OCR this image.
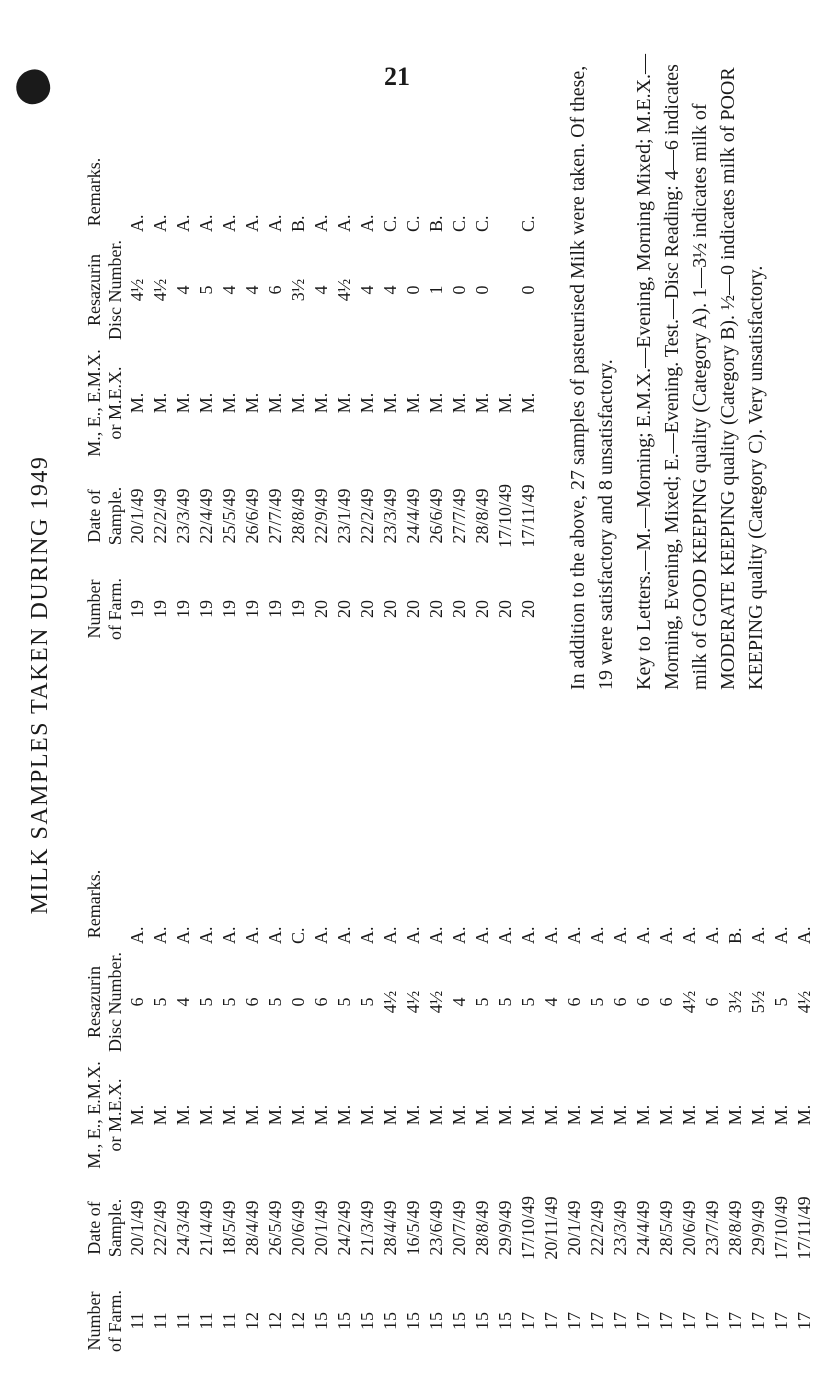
21
MILK SAMPLES TAKEN DURING 1949
Number of Farm.	Date of Sample.	M., E., E.M.X. or M.E.X.	Resazurin Disc Number.	Remarks.
11	20/1/49	M.	6	A.
11	22/2/49	M.	5	A.
11	24/3/49	M.	4	A.
11	21/4/49	M.	5	A.
11	18/5/49	M.	5	A.
12	28/4/49	M.	6	A.
12	26/5/49	M.	5	A.
12	20/6/49	M.	0	C.
15	20/1/49	M.	6	A.
15	24/2/49	M.	5	A.
15	21/3/49	M.	5	A.
15	28/4/49	M.	4½	A.
15	16/5/49	M.	4½	A.
15	23/6/49	M.	4½	A.
15	20/7/49	M.	4	A.
15	28/8/49	M.	5	A.
15	29/9/49	M.	5	A.
17	17/10/49	M.	5	A.
17	20/11/49	M.	4	A.
17	20/1/49	M.	6	A.
17	22/2/49	M.	5	A.
17	23/3/49	M.	6	A.
17	24/4/49	M.	6	A.
17	28/5/49	M.	6	A.
17	20/6/49	M.	4½	A.
17	23/7/49	M.	6	A.
17	28/8/49	M.	3½	B.
17	29/9/49	M.	5½	A.
17	17/10/49	M.	5	A.
17	17/11/49	M.	4½	A.
Number of Farm.	Date of Sample.	M., E., E.M.X. or M.E.X.	Resazurin Disc Number.	Remarks.
19	20/1/49	M.	4½	A.
19	22/2/49	M.	4½	A.
19	23/3/49	M.	4	A.
19	22/4/49	M.	5	A.
19	25/5/49	M.	4	A.
19	26/6/49	M.	4	A.
19	27/7/49	M.	6	A.
19	28/8/49	M.	3½	B.
20	22/9/49	M.	4	A.
20	23/1/49	M.	4½	A.
20	22/2/49	M.	4	A.
20	23/3/49	M.	4	C.
20	24/4/49	M.	0	C.
20	26/6/49	M.	1	B.
20	27/7/49	M.	0	C.
20	28/8/49	M.	0	C.
20	17/10/49	M.		
20	17/11/49	M.	0	C. In addition to the above, 27 samples of pasteurised Milk were taken. Of these, 19 were satisfactory and 8 unsatisfactory. Key to Letters.—M.—Morning; E.M.X.—Evening, Morning Mixed; M.E.X.—Morning, Evening, Mixed; E.—Evening. Test.—Disc Reading: 4—6 indicates milk of GOOD KEEPING quality (Category A). 1—3½ indicates milk of MODERATE KEEPING quality (Category B). ½—0 indicates milk of POOR KEEPING quality (Category C). Very unsatisfactory.
